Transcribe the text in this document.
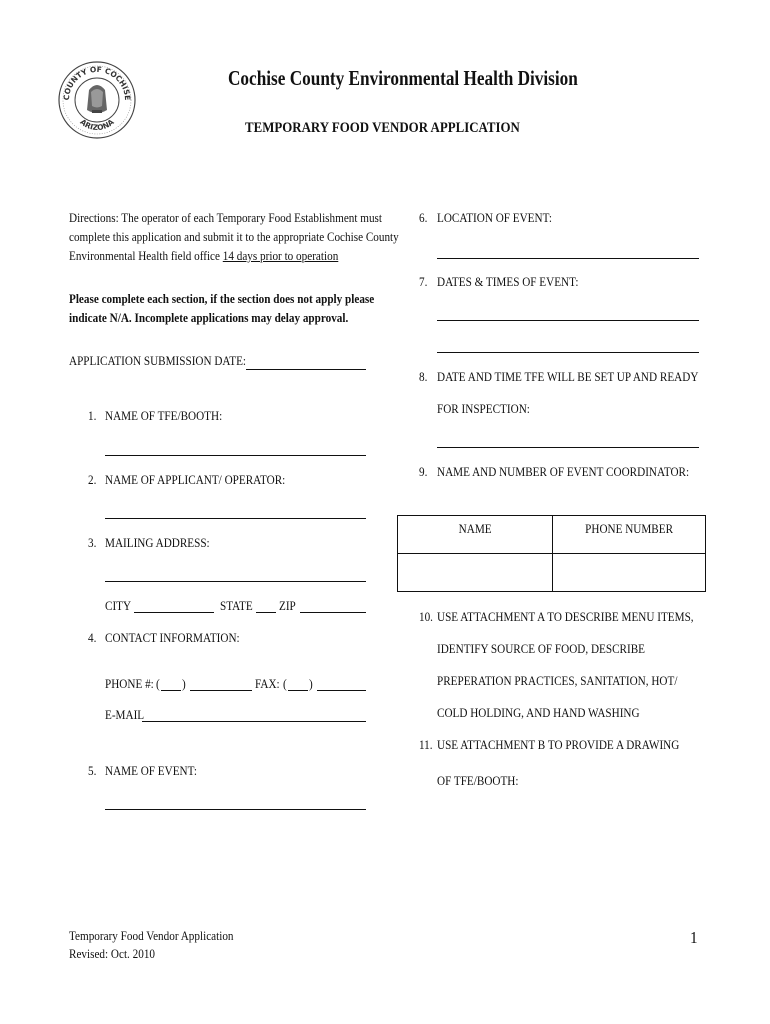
COUNTY OF COCHISE
ARIZONA
Cochise County Environmental Health Division
TEMPORARY FOOD VENDOR APPLICATION
Directions: The operator of each Temporary Food Establishment must
complete this application and submit it to the appropriate Cochise County
Environmental Health field office 14 days prior to operation
Please complete each section, if the section does not apply please
indicate N/A. Incomplete applications may delay approval.
APPLICATION SUBMISSION DATE:
1. NAME OF TFE/BOOTH:
2. NAME OF APPLICANT/ OPERATOR:
3. MAILING ADDRESS:
CITY	STATE ZIP
4. CONTACT INFORMATION:
PHONE #: ( )	FAX: ( )
E-MAIL
5. NAME OF EVENT:
6. LOCATION OF EVENT:
7. DATES & TIMES OF EVENT:
8. DATE AND TIME TFE WILL BE SET UP AND READY
FOR INSPECTION:
9. NAME AND NUMBER OF EVENT COORDINATOR:
NAME	PHONE NUMBER

10. USE ATTACHMENT A TO DESCRIBE MENU ITEMS,
IDENTIFY SOURCE OF FOOD, DESCRIBE
PREPERATION PRACTICES, SANITATION, HOT/
COLD HOLDING, AND HAND WASHING
11. USE ATTACHMENT B TO PROVIDE A DRAWING
OF TFE/BOOTH:
Temporary Food Vendor Application
Revised: Oct. 2010
1
